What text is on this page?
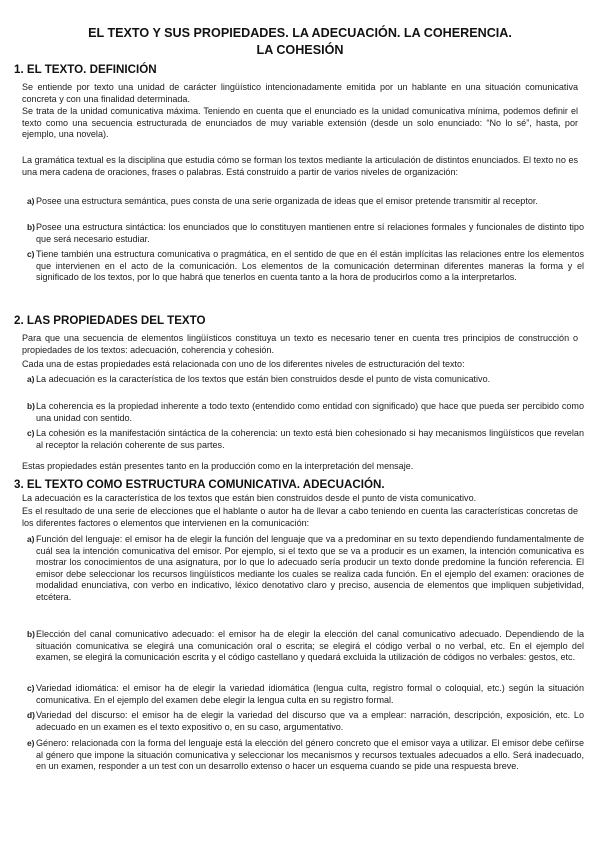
EL TEXTO Y SUS PROPIEDADES. LA ADECUACIÓN. LA COHERENCIA.
LA COHESIÓN
1. EL TEXTO. DEFINICIÓN
Se entiende por texto una unidad de carácter lingüístico intencionadamente emitida por un hablante en una situación comunicativa concreta y con una finalidad determinada.
Se trata de la unidad comunicativa máxima. Teniendo en cuenta que el enunciado es la unidad comunicativa mínima, podemos definir el texto como una secuencia estructurada de enunciados de muy variable extensión (desde un solo enunciado: “No lo sé”, hasta, por ejemplo, una novela).
La gramática textual es la disciplina que estudia cómo se forman los textos mediante la articulación de distintos enunciados. El texto no es una mera cadena de oraciones, frases o palabras. Está construido a partir de varios niveles de organización:
a) Posee una estructura semántica, pues consta de una serie organizada de ideas que el emisor pretende transmitir al receptor.
b) Posee una estructura sintáctica: los enunciados que lo constituyen mantienen entre sí relaciones formales y funcionales de distinto tipo que será necesario estudiar.
c) Tiene también una estructura comunicativa o pragmática, en el sentido de que en él están implícitas las relaciones entre los elementos que intervienen en el acto de la comunicación. Los elementos de la comunicación determinan diferentes maneras la forma y el significado de los textos, por lo que habrá que tenerlos en cuenta tanto a la hora de producirlos como a la interpretarlos.
2. LAS PROPIEDADES DEL TEXTO
Para que una secuencia de elementos lingüísticos constituya un texto es necesario tener en cuenta tres principios de construcción o propiedades de los textos: adecuación, coherencia y cohesión.
Cada una de estas propiedades está relacionada con uno de los diferentes niveles de estructuración del texto:
a) La adecuación es la característica de los textos que están bien construidos desde el punto de vista comunicativo.
b) La coherencia es la propiedad inherente a todo texto (entendido como entidad con significado) que hace que pueda ser percibido como una unidad con sentido.
c) La cohesión es la manifestación sintáctica de la coherencia: un texto está bien cohesionado si hay mecanismos lingüísticos que revelan al receptor la relación coherente de sus partes.
Estas propiedades están presentes tanto en la producción como en la interpretación del mensaje.
3. EL TEXTO COMO ESTRUCTURA COMUNICATIVA. ADECUACIÓN.
La adecuación es la característica de los textos que están bien construidos desde el punto de vista comunicativo.
Es el resultado de una serie de elecciones que el hablante o autor ha de llevar a cabo teniendo en cuenta las características concretas de los diferentes factores o elementos que intervienen en la comunicación:
a) Función del lenguaje: el emisor ha de elegir la función del lenguaje que va a predominar en su texto dependiendo fundamentalmente de cuál sea la intención comunicativa del emisor. Por ejemplo, si el texto que se va a producir es un examen, la intención comunicativa es mostrar los conocimientos de una asignatura, por lo que lo adecuado sería producir un texto donde predomine la función referencia. El emisor debe seleccionar los recursos lingüísticos mediante los cuales se realiza cada función. En el ejemplo del examen: oraciones de modalidad enunciativa, con verbo en indicativo, léxico denotativo claro y preciso, ausencia de elementos que impliquen subjetividad, etcétera.
b) Elección del canal comunicativo adecuado: el emisor ha de elegir la elección del canal comunicativo adecuado. Dependiendo de la situación comunicativa se elegirá una comunicación oral o escrita; se elegirá el código verbal o no verbal, etc. En el ejemplo del examen, se elegirá la comunicación escrita y el código castellano y quedará excluida la utilización de códigos no verbales: gestos, etc.
c) Variedad idiomática: el emisor ha de elegir la variedad idiomática (lengua culta, registro formal o coloquial, etc.) según la situación comunicativa. En el ejemplo del examen debe elegir la lengua culta en su registro formal.
d) Variedad del discurso: el emisor ha de elegir la variedad del discurso que va a emplear: narración, descripción, exposición, etc. Lo adecuado en un examen es el texto expositivo o, en su caso, argumentativo.
e) Género: relacionada con la forma del lenguaje está la elección del género concreto que el emisor vaya a utilizar. El emisor debe ceñirse al género que impone la situación comunicativa y seleccionar los mecanismos y recursos textuales adecuados a ello. Será inadecuado, en un examen, responder a un test con un desarrollo extenso o hacer un esquema cuando se pide una respuesta breve.
